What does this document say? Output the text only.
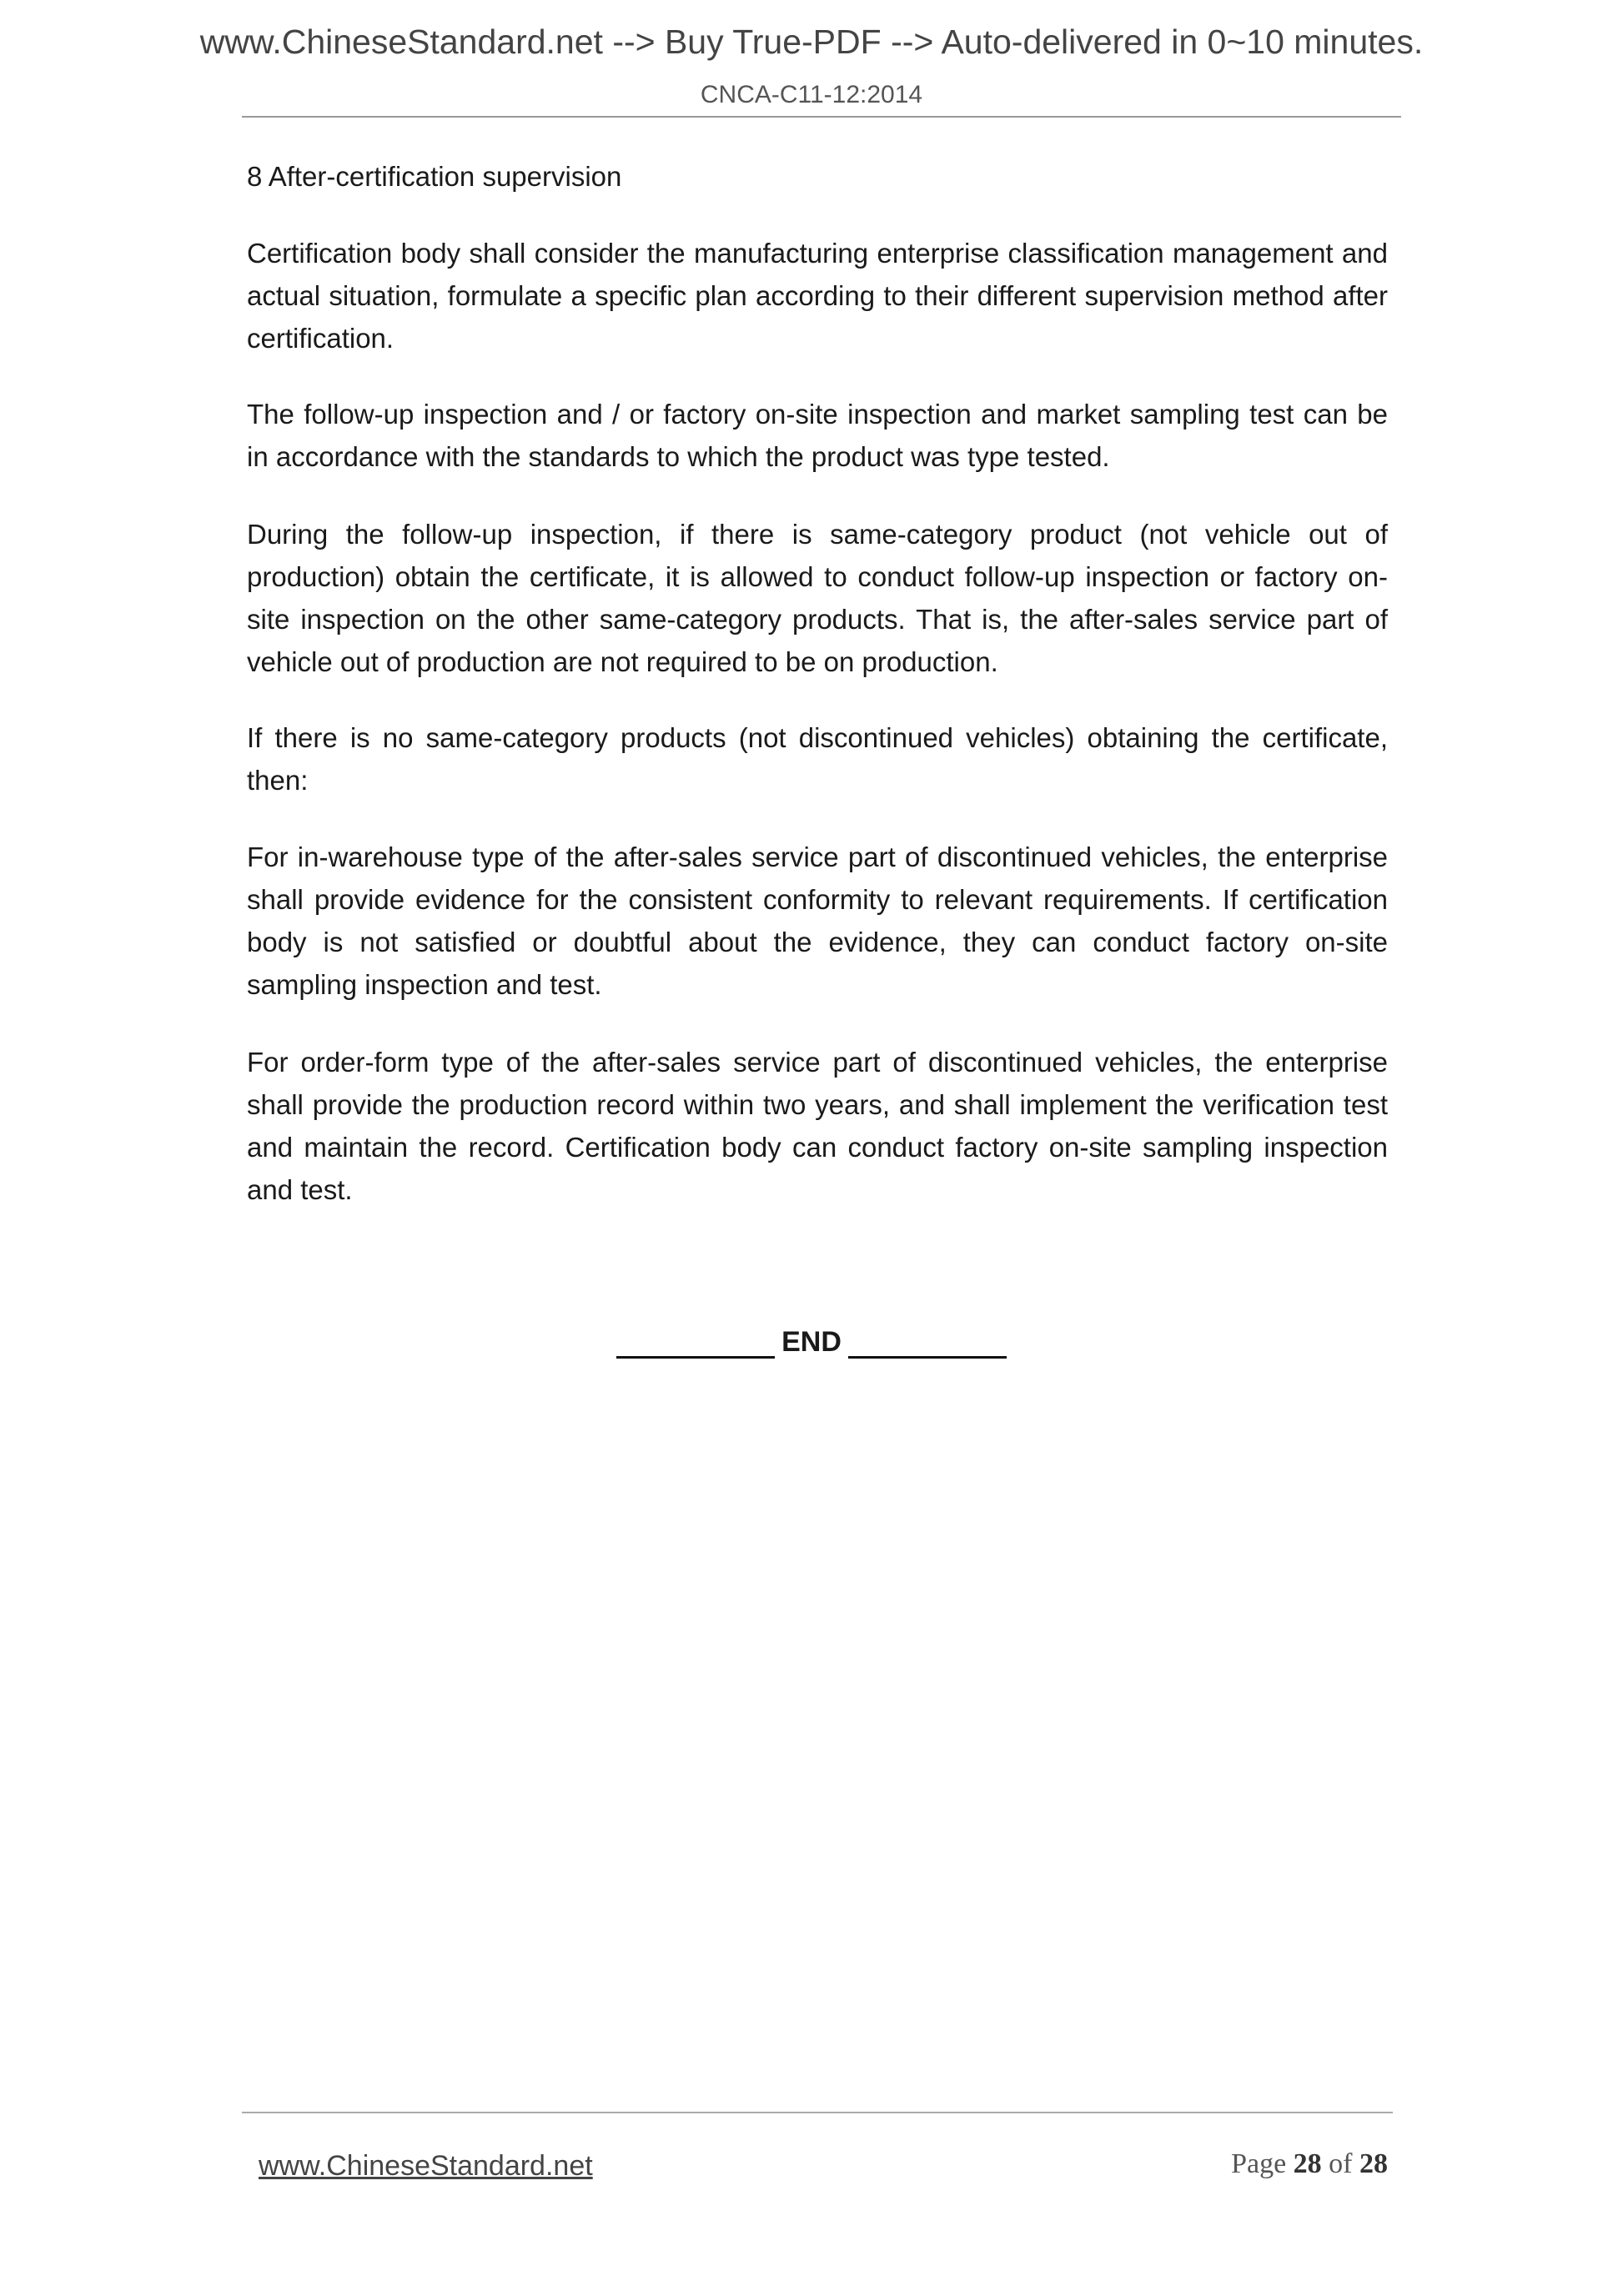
www.ChineseStandard.net --> Buy True-PDF --> Auto-delivered in 0~10 minutes.
CNCA-C11-12:2014
8 After-certification supervision
Certification body shall consider the manufacturing enterprise classification management and actual situation, formulate a specific plan according to their different supervision method after certification.
The follow-up inspection and / or factory on-site inspection and market sampling test can be in accordance with the standards to which the product was type tested.
During the follow-up inspection, if there is same-category product (not vehicle out of production) obtain the certificate, it is allowed to conduct follow-up inspection or factory on-site inspection on the other same-category products. That is, the after-sales service part of vehicle out of production are not required to be on production.
If there is no same-category products (not discontinued vehicles) obtaining the certificate, then:
For in-warehouse type of the after-sales service part of discontinued vehicles, the enterprise shall provide evidence for the consistent conformity to relevant requirements. If certification body is not satisfied or doubtful about the evidence, they can conduct factory on-site sampling inspection and test.
For order-form type of the after-sales service part of discontinued vehicles, the enterprise shall provide the production record within two years, and shall implement the verification test and maintain the record. Certification body can conduct factory on-site sampling inspection and test.
END
www.ChineseStandard.net	Page 28 of 28
